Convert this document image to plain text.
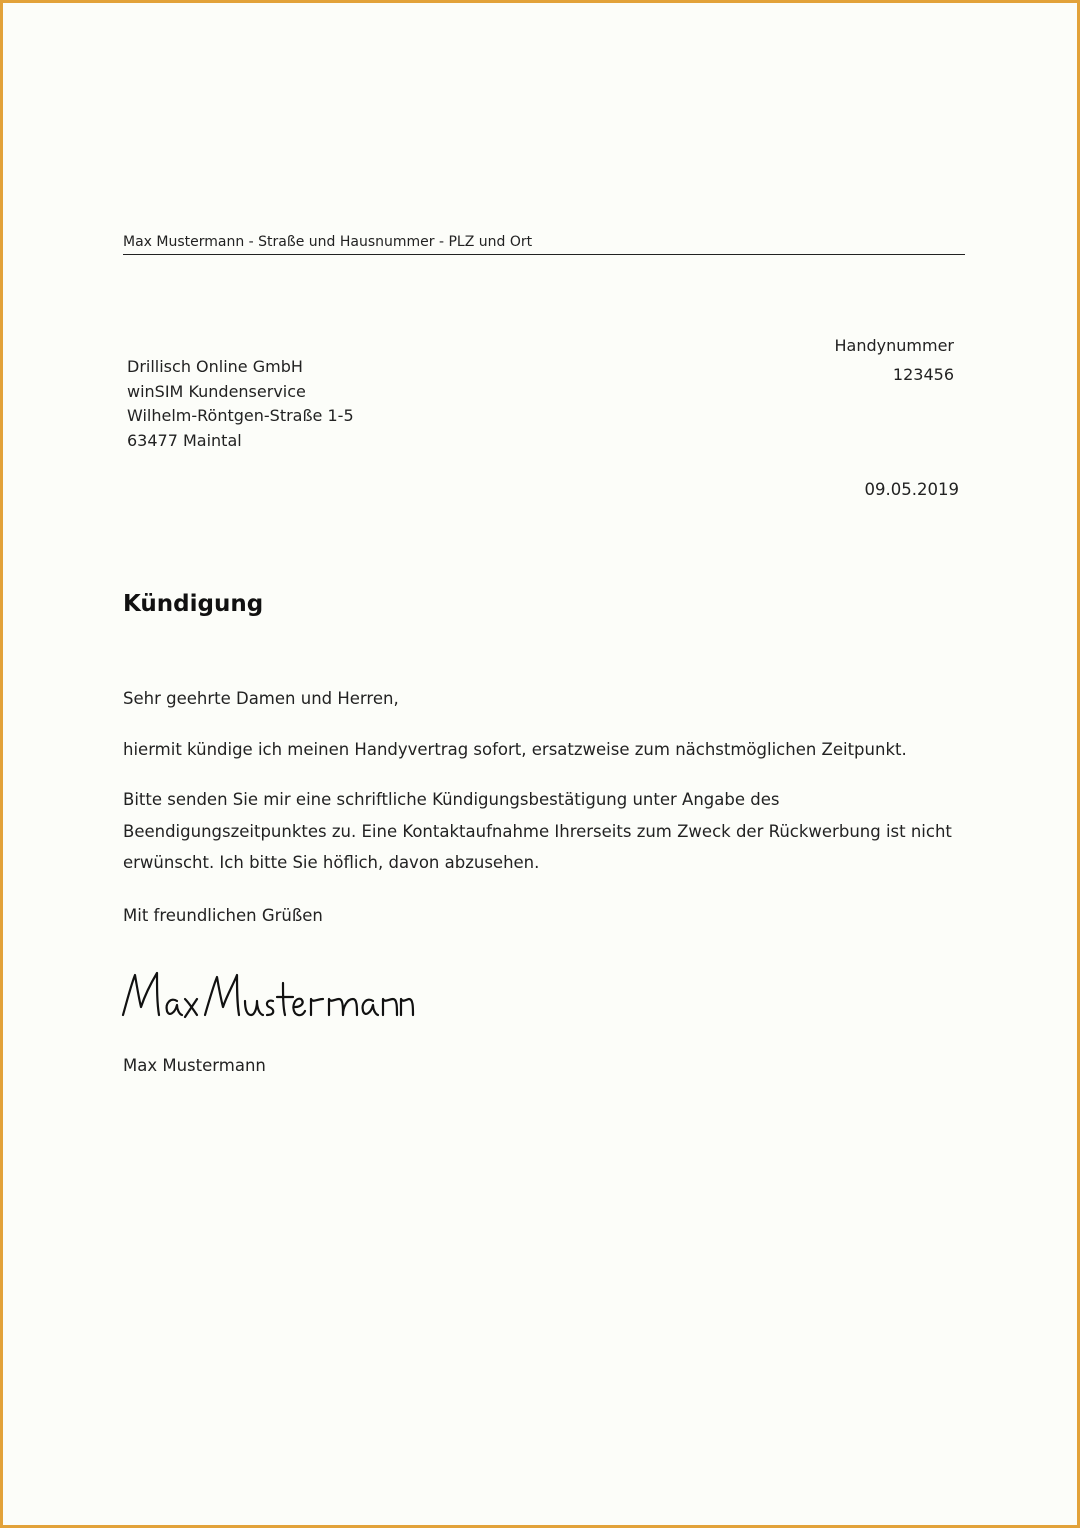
Max Mustermann - Straße und Hausnummer - PLZ und Ort
Drillisch Online GmbH
winSIM Kundenservice
Wilhelm-Röntgen-Straße 1-5
63477 Maintal
Handynummer
123456
09.05.2019
Kündigung
Sehr geehrte Damen und Herren,
hiermit kündige ich meinen Handyvertrag sofort, ersatzweise zum nächstmöglichen Zeitpunkt.
Bitte senden Sie mir eine schriftliche Kündigungsbestätigung unter Angabe des Beendigungszeitpunktes zu. Eine Kontaktaufnahme Ihrerseits zum Zweck der Rückwerbung ist nicht erwünscht. Ich bitte Sie höflich, davon abzusehen.
Mit freundlichen Grüßen
Max Mustermann
